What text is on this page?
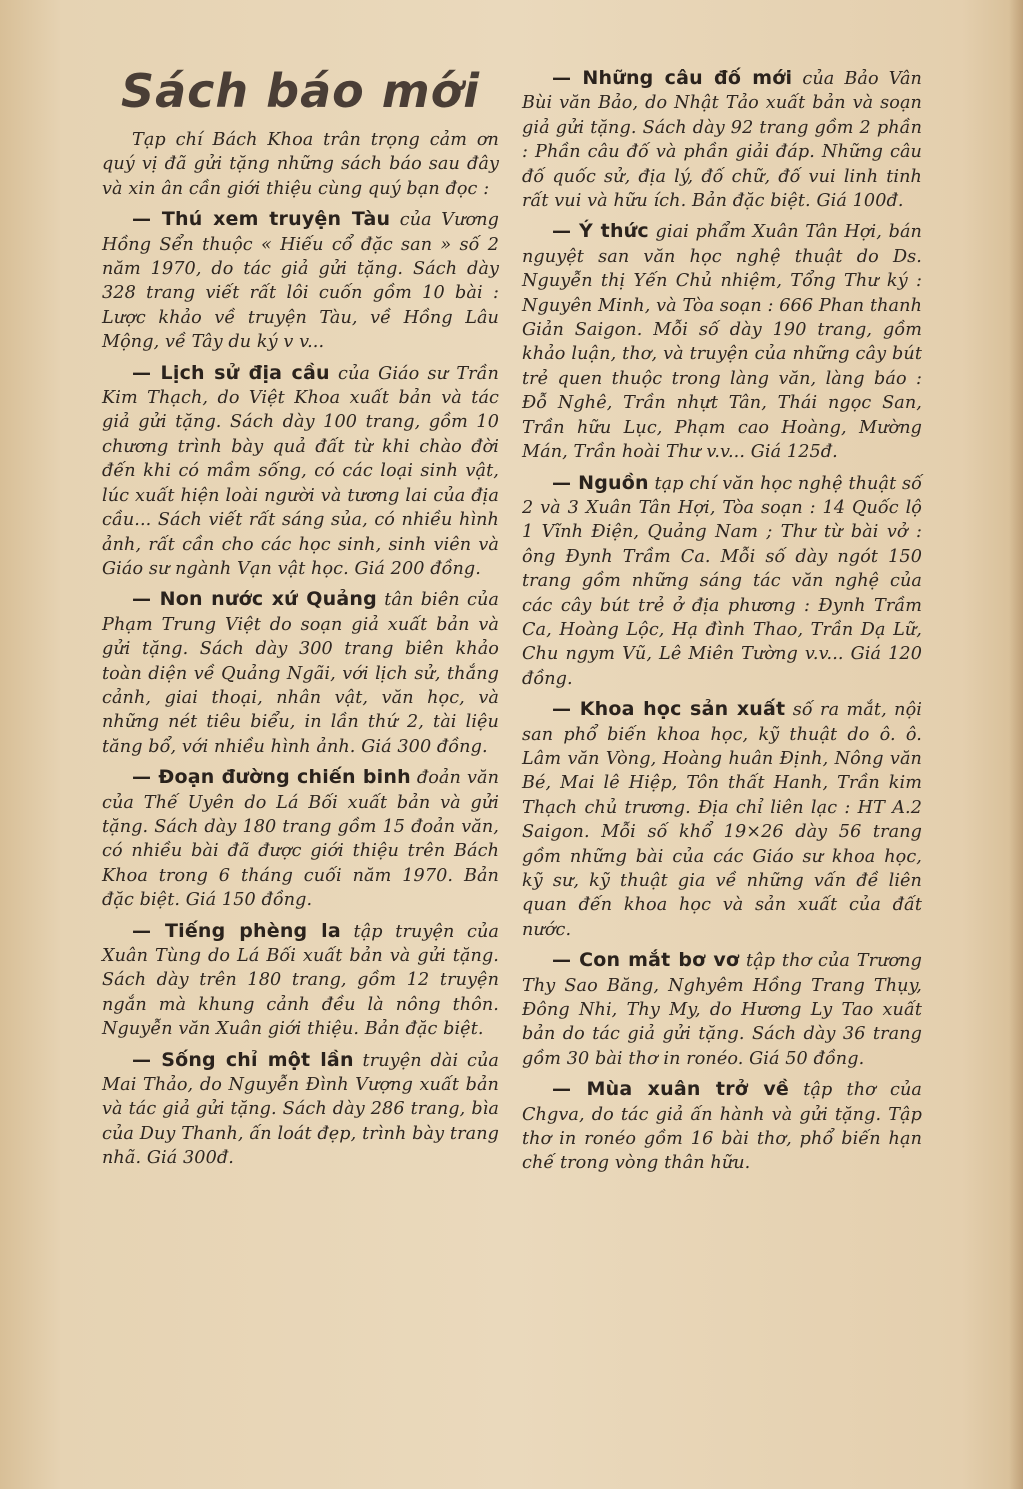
Sách báo mới

Tạp chí Bách Khoa trân trọng cảm ơn quý vị đã gửi tặng những sách báo sau đây và xin ân cần giới thiệu cùng quý bạn đọc :

— Thú xem truyện Tàu của Vương Hồng Sển thuộc « Hiếu cổ đặc san » số 2 năm 1970, do tác giả gửi tặng. Sách dày 328 trang viết rất lôi cuốn gồm 10 bài : Lược khảo về truyện Tàu, về Hồng Lâu Mộng, về Tây du ký v v...

— Lịch sử địa cầu của Giáo sư Trần Kim Thạch, do Việt Khoa xuất bản và tác giả gửi tặng. Sách dày 100 trang, gồm 10 chương trình bày quả đất từ khi chào đời đến khi có mầm sống, có các loại sinh vật, lúc xuất hiện loài người và tương lai của địa cầu... Sách viết rất sáng sủa, có nhiều hình ảnh, rất cần cho các học sinh, sinh viên và Giáo sư ngành Vạn vật học. Giá 200 đồng.

— Non nước xứ Quảng tân biên của Phạm Trung Việt do soạn giả xuất bản và gửi tặng. Sách dày 300 trang biên khảo toàn diện về Quảng Ngãi, với lịch sử, thắng cảnh, giai thoại, nhân vật, văn học, và những nét tiêu biểu, in lần thứ 2, tài liệu tăng bổ, với nhiều hình ảnh. Giá 300 đồng.

— Đoạn đường chiến binh đoản văn của Thế Uyên do Lá Bối xuất bản và gửi tặng. Sách dày 180 trang gồm 15 đoản văn, có nhiều bài đã được giới thiệu trên Bách Khoa trong 6 tháng cuối năm 1970. Bản đặc biệt. Giá 150 đồng.

— Tiếng phèng la tập truyện của Xuân Tùng do Lá Bối xuất bản và gửi tặng. Sách dày trên 180 trang, gồm 12 truyện ngắn mà khung cảnh đều là nông thôn. Nguyễn văn Xuân giới thiệu. Bản đặc biệt.

— Sống chỉ một lần truyện dài của Mai Thảo, do Nguyễn Đình Vượng xuất bản và tác giả gửi tặng. Sách dày 286 trang, bìa của Duy Thanh, ấn loát đẹp, trình bày trang nhã. Giá 300đ.

— Những câu đố mới của Bảo Vân Bùi văn Bảo, do Nhật Tảo xuất bản và soạn giả gửi tặng. Sách dày 92 trang gồm 2 phần : Phần câu đố và phần giải đáp. Những câu đố quốc sử, địa lý, đố chữ, đố vui linh tinh rất vui và hữu ích. Bản đặc biệt. Giá 100đ.

— Ý thức giai phẩm Xuân Tân Hợi, bán nguyệt san văn học nghệ thuật do Ds. Nguyễn thị Yến Chủ nhiệm, Tổng Thư ký : Nguyên Minh, và Tòa soạn : 666 Phan thanh Giản Saigon. Mỗi số dày 190 trang, gồm khảo luận, thơ, và truyện của những cây bút trẻ quen thuộc trong làng văn, làng báo : Đỗ Nghê, Trần nhựt Tân, Thái ngọc San, Trần hữu Lục, Phạm cao Hoàng, Mường Mán, Trần hoài Thư v.v... Giá 125đ.

— Nguồn tạp chí văn học nghệ thuật số 2 và 3 Xuân Tân Hợi, Tòa soạn : 14 Quốc lộ 1 Vĩnh Điện, Quảng Nam ; Thư từ bài vở : ông Đynh Trầm Ca. Mỗi số dày ngót 150 trang gồm những sáng tác văn nghệ của các cây bút trẻ ở địa phương : Đynh Trầm Ca, Hoàng Lộc, Hạ đình Thao, Trần Dạ Lữ, Chu ngym Vũ, Lê Miên Tường v.v... Giá 120 đồng.

— Khoa học sản xuất số ra mắt, nội san phổ biến khoa học, kỹ thuật do ô. ô. Lâm văn Vòng, Hoàng huân Định, Nông văn Bé, Mai lê Hiệp, Tôn thất Hanh, Trần kim Thạch chủ trương. Địa chỉ liên lạc : HT A.2 Saigon. Mỗi số khổ 19×26 dày 56 trang gồm những bài của các Giáo sư khoa học, kỹ sư, kỹ thuật gia về những vấn đề liên quan đến khoa học và sản xuất của đất nước.

— Con mắt bơ vơ tập thơ của Trương Thy Sao Băng, Nghyêm Hồng Trang Thụy, Đông Nhi, Thy My, do Hương Ly Tao xuất bản do tác giả gửi tặng. Sách dày 36 trang gồm 30 bài thơ in ronéo. Giá 50 đồng.

— Mùa xuân trở về tập thơ của Chgva, do tác giả ấn hành và gửi tặng. Tập thơ in ronéo gồm 16 bài thơ, phổ biến hạn chế trong vòng thân hữu.
